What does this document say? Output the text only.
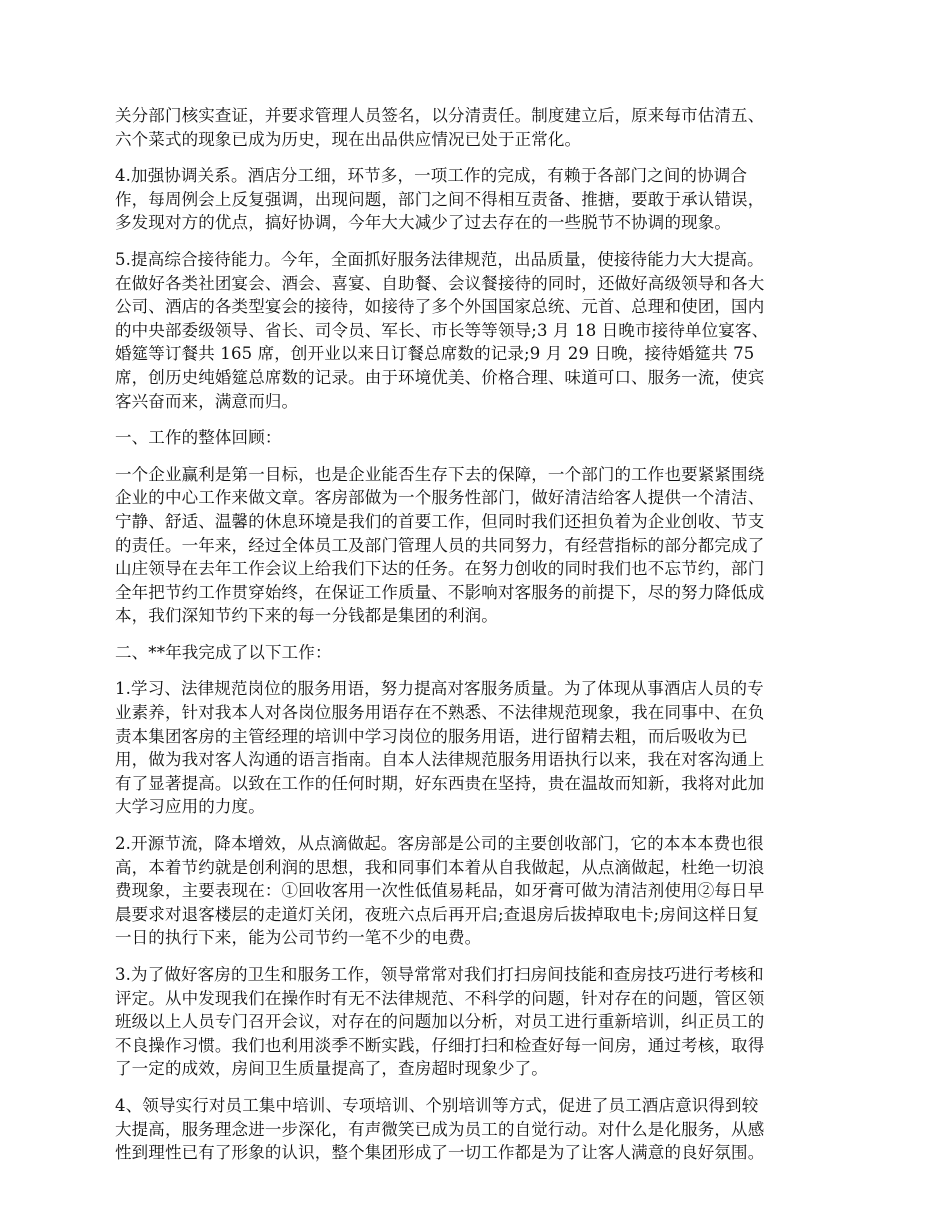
关分部门核实查证，并要求管理人员签名，以分清责任。制度建立后，原来每市估清五、
六个菜式的现象已成为历史，现在出品供应情况已处于正常化。

4.加强协调关系。酒店分工细，环节多，一项工作的完成，有赖于各部门之间的协调合
作，每周例会上反复强调，出现问题，部门之间不得相互责备、推搪，要敢于承认错误，
多发现对方的优点，搞好协调，今年大大减少了过去存在的一些脱节不协调的现象。

5.提高综合接待能力。今年，全面抓好服务法律规范，出品质量，使接待能力大大提高。
在做好各类社团宴会、酒会、喜宴、自助餐、会议餐接待的同时，还做好高级领导和各大
公司、酒店的各类型宴会的接待，如接待了多个外国国家总统、元首、总理和使团，国内
的中央部委级领导、省长、司令员、军长、市长等等领导;3 月 18 日晚市接待单位宴客、
婚筵等订餐共 165 席，创开业以来日订餐总席数的记录;9 月 29 日晚，接待婚筵共 75
席，创历史纯婚筵总席数的记录。由于环境优美、价格合理、味道可口、服务一流，使宾
客兴奋而来，满意而归。

一、工作的整体回顾：

一个企业赢利是第一目标，也是企业能否生存下去的保障，一个部门的工作也要紧紧围绕
企业的中心工作来做文章。客房部做为一个服务性部门，做好清洁给客人提供一个清洁、
宁静、舒适、温馨的休息环境是我们的首要工作，但同时我们还担负着为企业创收、节支
的责任。一年来，经过全体员工及部门管理人员的共同努力，有经营指标的部分都完成了
山庄领导在去年工作会议上给我们下达的任务。在努力创收的同时我们也不忘节约，部门
全年把节约工作贯穿始终，在保证工作质量、不影响对客服务的前提下，尽的努力降低成
本，我们深知节约下来的每一分钱都是集团的利润。

二、**年我完成了以下工作：

1.学习、法律规范岗位的服务用语，努力提高对客服务质量。为了体现从事酒店人员的专
业素养，针对我本人对各岗位服务用语存在不熟悉、不法律规范现象，我在同事中、在负
责本集团客房的主管经理的培训中学习岗位的服务用语，进行留精去粗，而后吸收为已
用，做为我对客人沟通的语言指南。自本人法律规范服务用语执行以来，我在对客沟通上
有了显著提高。以致在工作的任何时期，好东西贵在坚持，贵在温故而知新，我将对此加
大学习应用的力度。

2.开源节流，降本增效，从点滴做起。客房部是公司的主要创收部门，它的本本本费也很
高，本着节约就是创利润的思想，我和同事们本着从自我做起，从点滴做起，杜绝一切浪
费现象，主要表现在：①回收客用一次性低值易耗品，如牙膏可做为清洁剂使用②每日早
晨要求对退客楼层的走道灯关闭，夜班六点后再开启;查退房后拔掉取电卡;房间这样日复
一日的执行下来，能为公司节约一笔不少的电费。

3.为了做好客房的卫生和服务工作，领导常常对我们打扫房间技能和查房技巧进行考核和
评定。从中发现我们在操作时有无不法律规范、不科学的问题，针对存在的问题，管区领
班级以上人员专门召开会议，对存在的问题加以分析，对员工进行重新培训，纠正员工的
不良操作习惯。我们也利用淡季不断实践，仔细打扫和检查好每一间房，通过考核，取得
了一定的成效，房间卫生质量提高了，查房超时现象少了。

4、领导实行对员工集中培训、专项培训、个别培训等方式，促进了员工酒店意识得到较
大提高，服务理念进一步深化，有声微笑已成为员工的自觉行动。对什么是化服务，从感
性到理性已有了形象的认识，整个集团形成了一切工作都是为了让客人满意的良好氛围。
